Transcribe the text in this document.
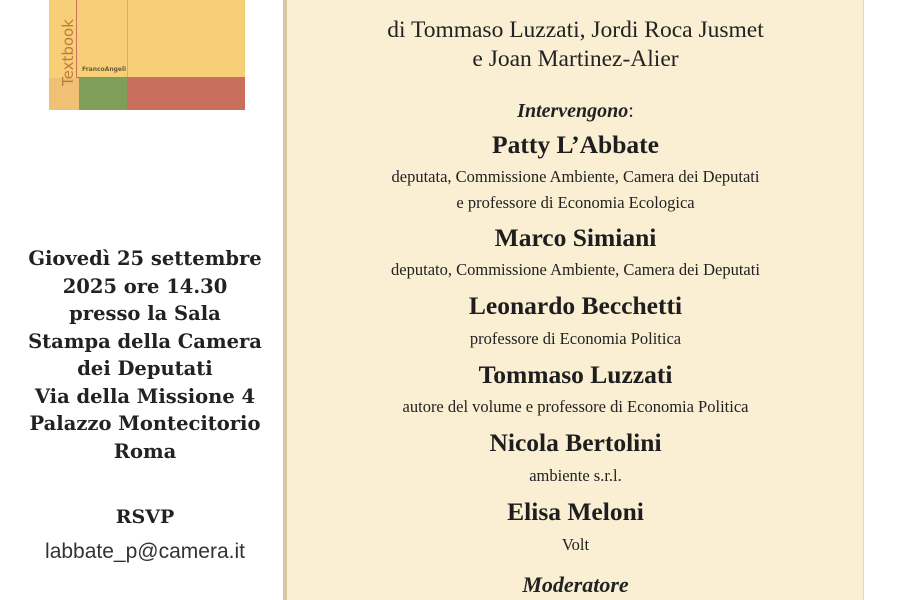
Textbook FrancoAngeli
Giovedì 25 settembre
2025 ore 14.30
presso la Sala
Stampa della Camera
dei Deputati
Via della Missione 4
Palazzo Montecitorio
Roma
RSVP
labbate_p@camera.it
di Tommaso Luzzati, Jordi Roca Jusmet
e Joan Martinez-Alier
Intervengono:
Patty L’Abbate
deputata, Commissione Ambiente, Camera dei Deputati
e professore di Economia Ecologica
Marco Simiani
deputato, Commissione Ambiente, Camera dei Deputati
Leonardo Becchetti
professore di Economia Politica
Tommaso Luzzati
autore del volume e professore di Economia Politica
Nicola Bertolini
ambiente s.r.l.
Elisa Meloni
Volt
Moderatore
